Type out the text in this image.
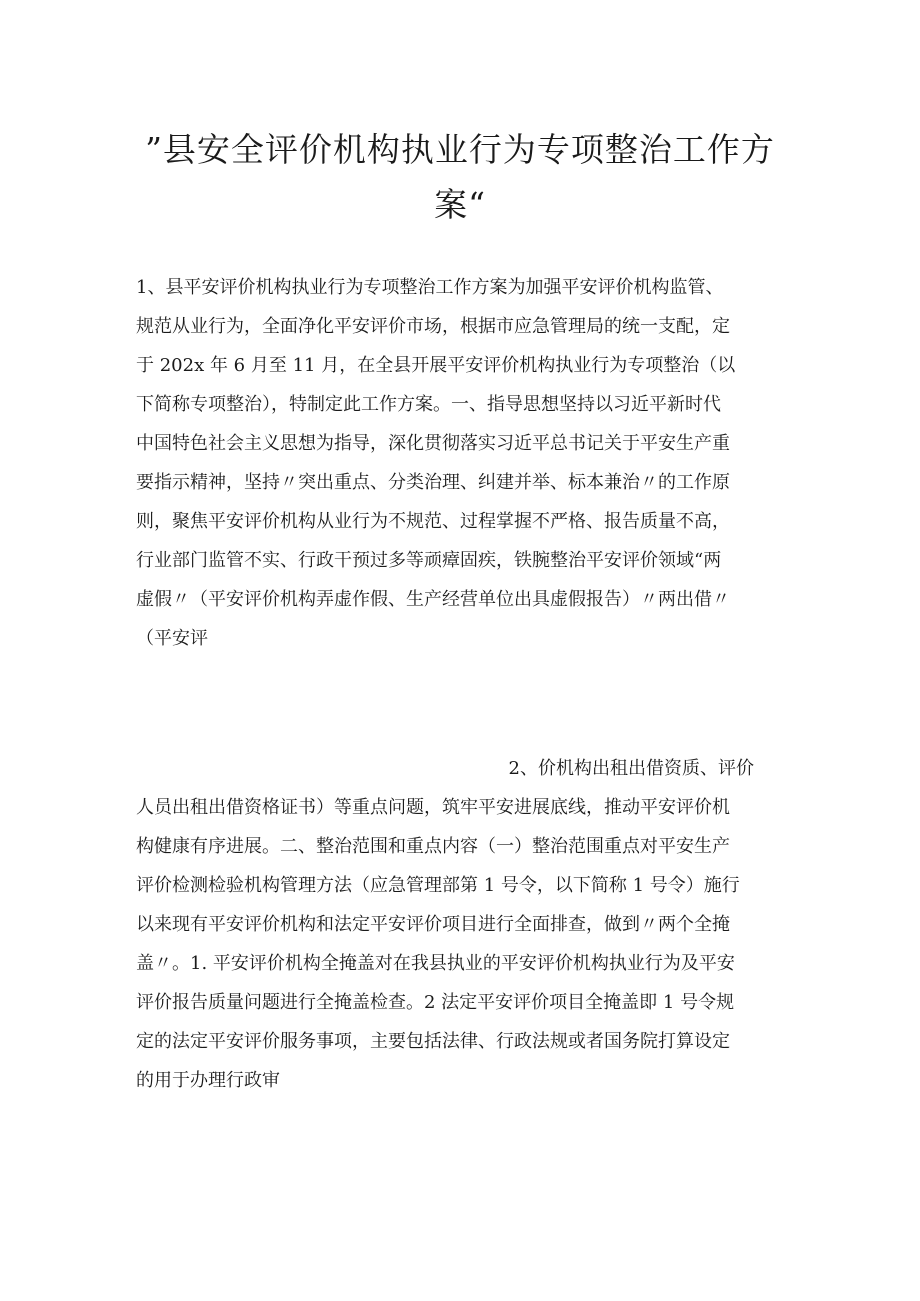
”县安全评价机构执业行为专项整治工作方
案“
1、县平安评价机构执业行为专项整治工作方案为加强平安评价机构监管、
规范从业行为，全面净化平安评价市场，根据市应急管理局的统一支配，定
于 202x 年 6 月至 11 月，在全县开展平安评价机构执业行为专项整治（以
下简称专项整治），特制定此工作方案。一、指导思想坚持以习近平新时代
中国特色社会主义思想为指导，深化贯彻落实习近平总书记关于平安生产重
要指示精神，坚持〃突出重点、分类治理、纠建并举、标本兼治〃的工作原
则，聚焦平安评价机构从业行为不规范、过程掌握不严格、报告质量不高，
行业部门监管不实、行政干预过多等顽瘴固疾，铁腕整治平安评价领域“两
虚假〃（平安评价机构弄虚作假、生产经营单位出具虚假报告）〃两出借〃
（平安评
2、价机构出租出借资质、评价
人员出租出借资格证书）等重点问题，筑牢平安进展底线，推动平安评价机
构健康有序进展。二、整治范围和重点内容（一）整治范围重点对平安生产
评价检测检验机构管理方法（应急管理部第 1 号令，以下简称 1 号令）施行
以来现有平安评价机构和法定平安评价项目进行全面排查，做到〃两个全掩
盖〃。1. 平安评价机构全掩盖对在我县执业的平安评价机构执业行为及平安
评价报告质量问题进行全掩盖检查。2 法定平安评价项目全掩盖即 1 号令规
定的法定平安评价服务事项，主要包括法律、行政法规或者国务院打算设定
的用于办理行政审
